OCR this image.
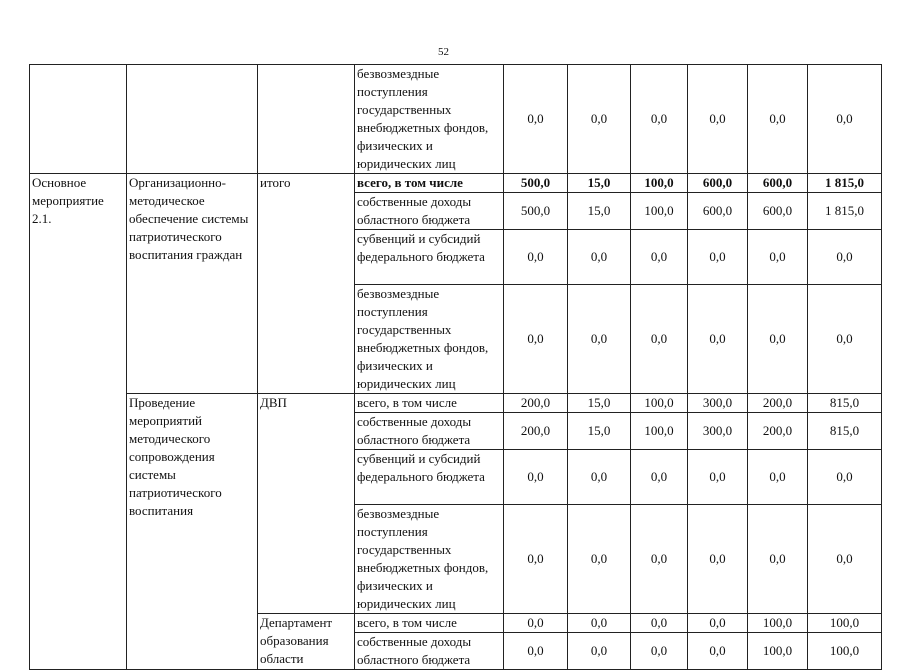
52
			безвозмездные поступления государственных внебюджетных фондов, физических и юридических лиц	0,0	0,0	0,0	0,0	0,0	0,0
Основное мероприятие 2.1.	Организационно-методическое обеспечение системы патриотического воспитания граждан	итого	всего, в том числе	500,0	15,0	100,0	600,0	600,0	1 815,0
			собственные доходы областного бюджета	500,0	15,0	100,0	600,0	600,0	1 815,0
			субвенций и субсидий федерального бюджета	0,0	0,0	0,0	0,0	0,0	0,0
			безвозмездные поступления государственных внебюджетных фондов, физических и юридических лиц	0,0	0,0	0,0	0,0	0,0	0,0
	Проведение мероприятий методического сопровождения системы патриотического воспитания	ДВП	всего, в том числе	200,0	15,0	100,0	300,0	200,0	815,0
			собственные доходы областного бюджета	200,0	15,0	100,0	300,0	200,0	815,0
			субвенций и субсидий федерального бюджета	0,0	0,0	0,0	0,0	0,0	0,0
			безвозмездные поступления государственных внебюджетных фондов, физических и юридических лиц	0,0	0,0	0,0	0,0	0,0	0,0
		Департамент образования области	всего, в том числе	0,0	0,0	0,0	0,0	100,0	100,0
			собственные доходы областного бюджета	0,0	0,0	0,0	0,0	100,0	100,0
